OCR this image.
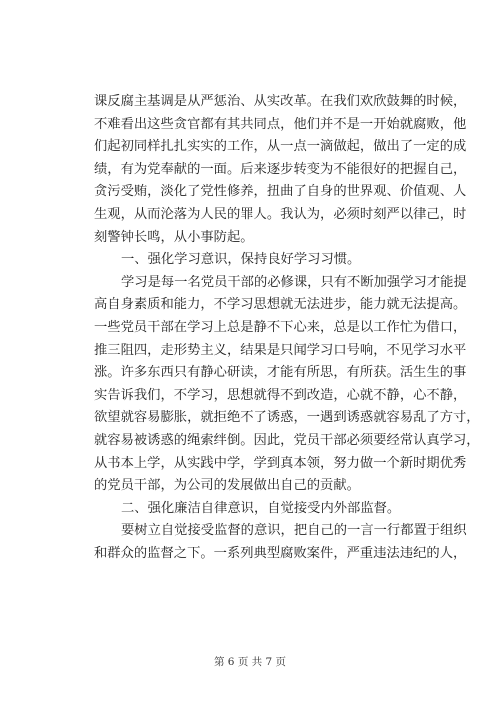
课反腐主基调是从严惩治、从实改革。在我们欢欣鼓舞的时候，
不难看出这些贪官都有其共同点，他们并不是一开始就腐败，他
们起初同样扎扎实实的工作，从一点一滴做起，做出了一定的成
绩，有为党奉献的一面。后来逐步转变为不能很好的把握自己，
贪污受贿，淡化了党性修养，扭曲了自身的世界观、价值观、人
生观，从而沦落为人民的罪人。我认为，必须时刻严以律己，时
刻警钟长鸣，从小事防起。
一、强化学习意识，保持良好学习习惯。
学习是每一名党员干部的必修课，只有不断加强学习才能提
高自身素质和能力，不学习思想就无法进步，能力就无法提高。
一些党员干部在学习上总是静不下心来，总是以工作忙为借口，
推三阻四，走形势主义，结果是只闻学习口号响，不见学习水平
涨。许多东西只有静心研读，才能有所思，有所获。活生生的事
实告诉我们，不学习，思想就得不到改造，心就不静，心不静，
欲望就容易膨胀，就拒绝不了诱惑，一遇到诱惑就容易乱了方寸，
就容易被诱惑的绳索绊倒。因此，党员干部必须要经常认真学习，
从书本上学，从实践中学，学到真本领，努力做一个新时期优秀
的党员干部，为公司的发展做出自己的贡献。
二、强化廉洁自律意识，自觉接受内外部监督。
要树立自觉接受监督的意识，把自己的一言一行都置于组织
和群众的监督之下。一系列典型腐败案件，严重违法违纪的人，
第 6 页 共 7 页
